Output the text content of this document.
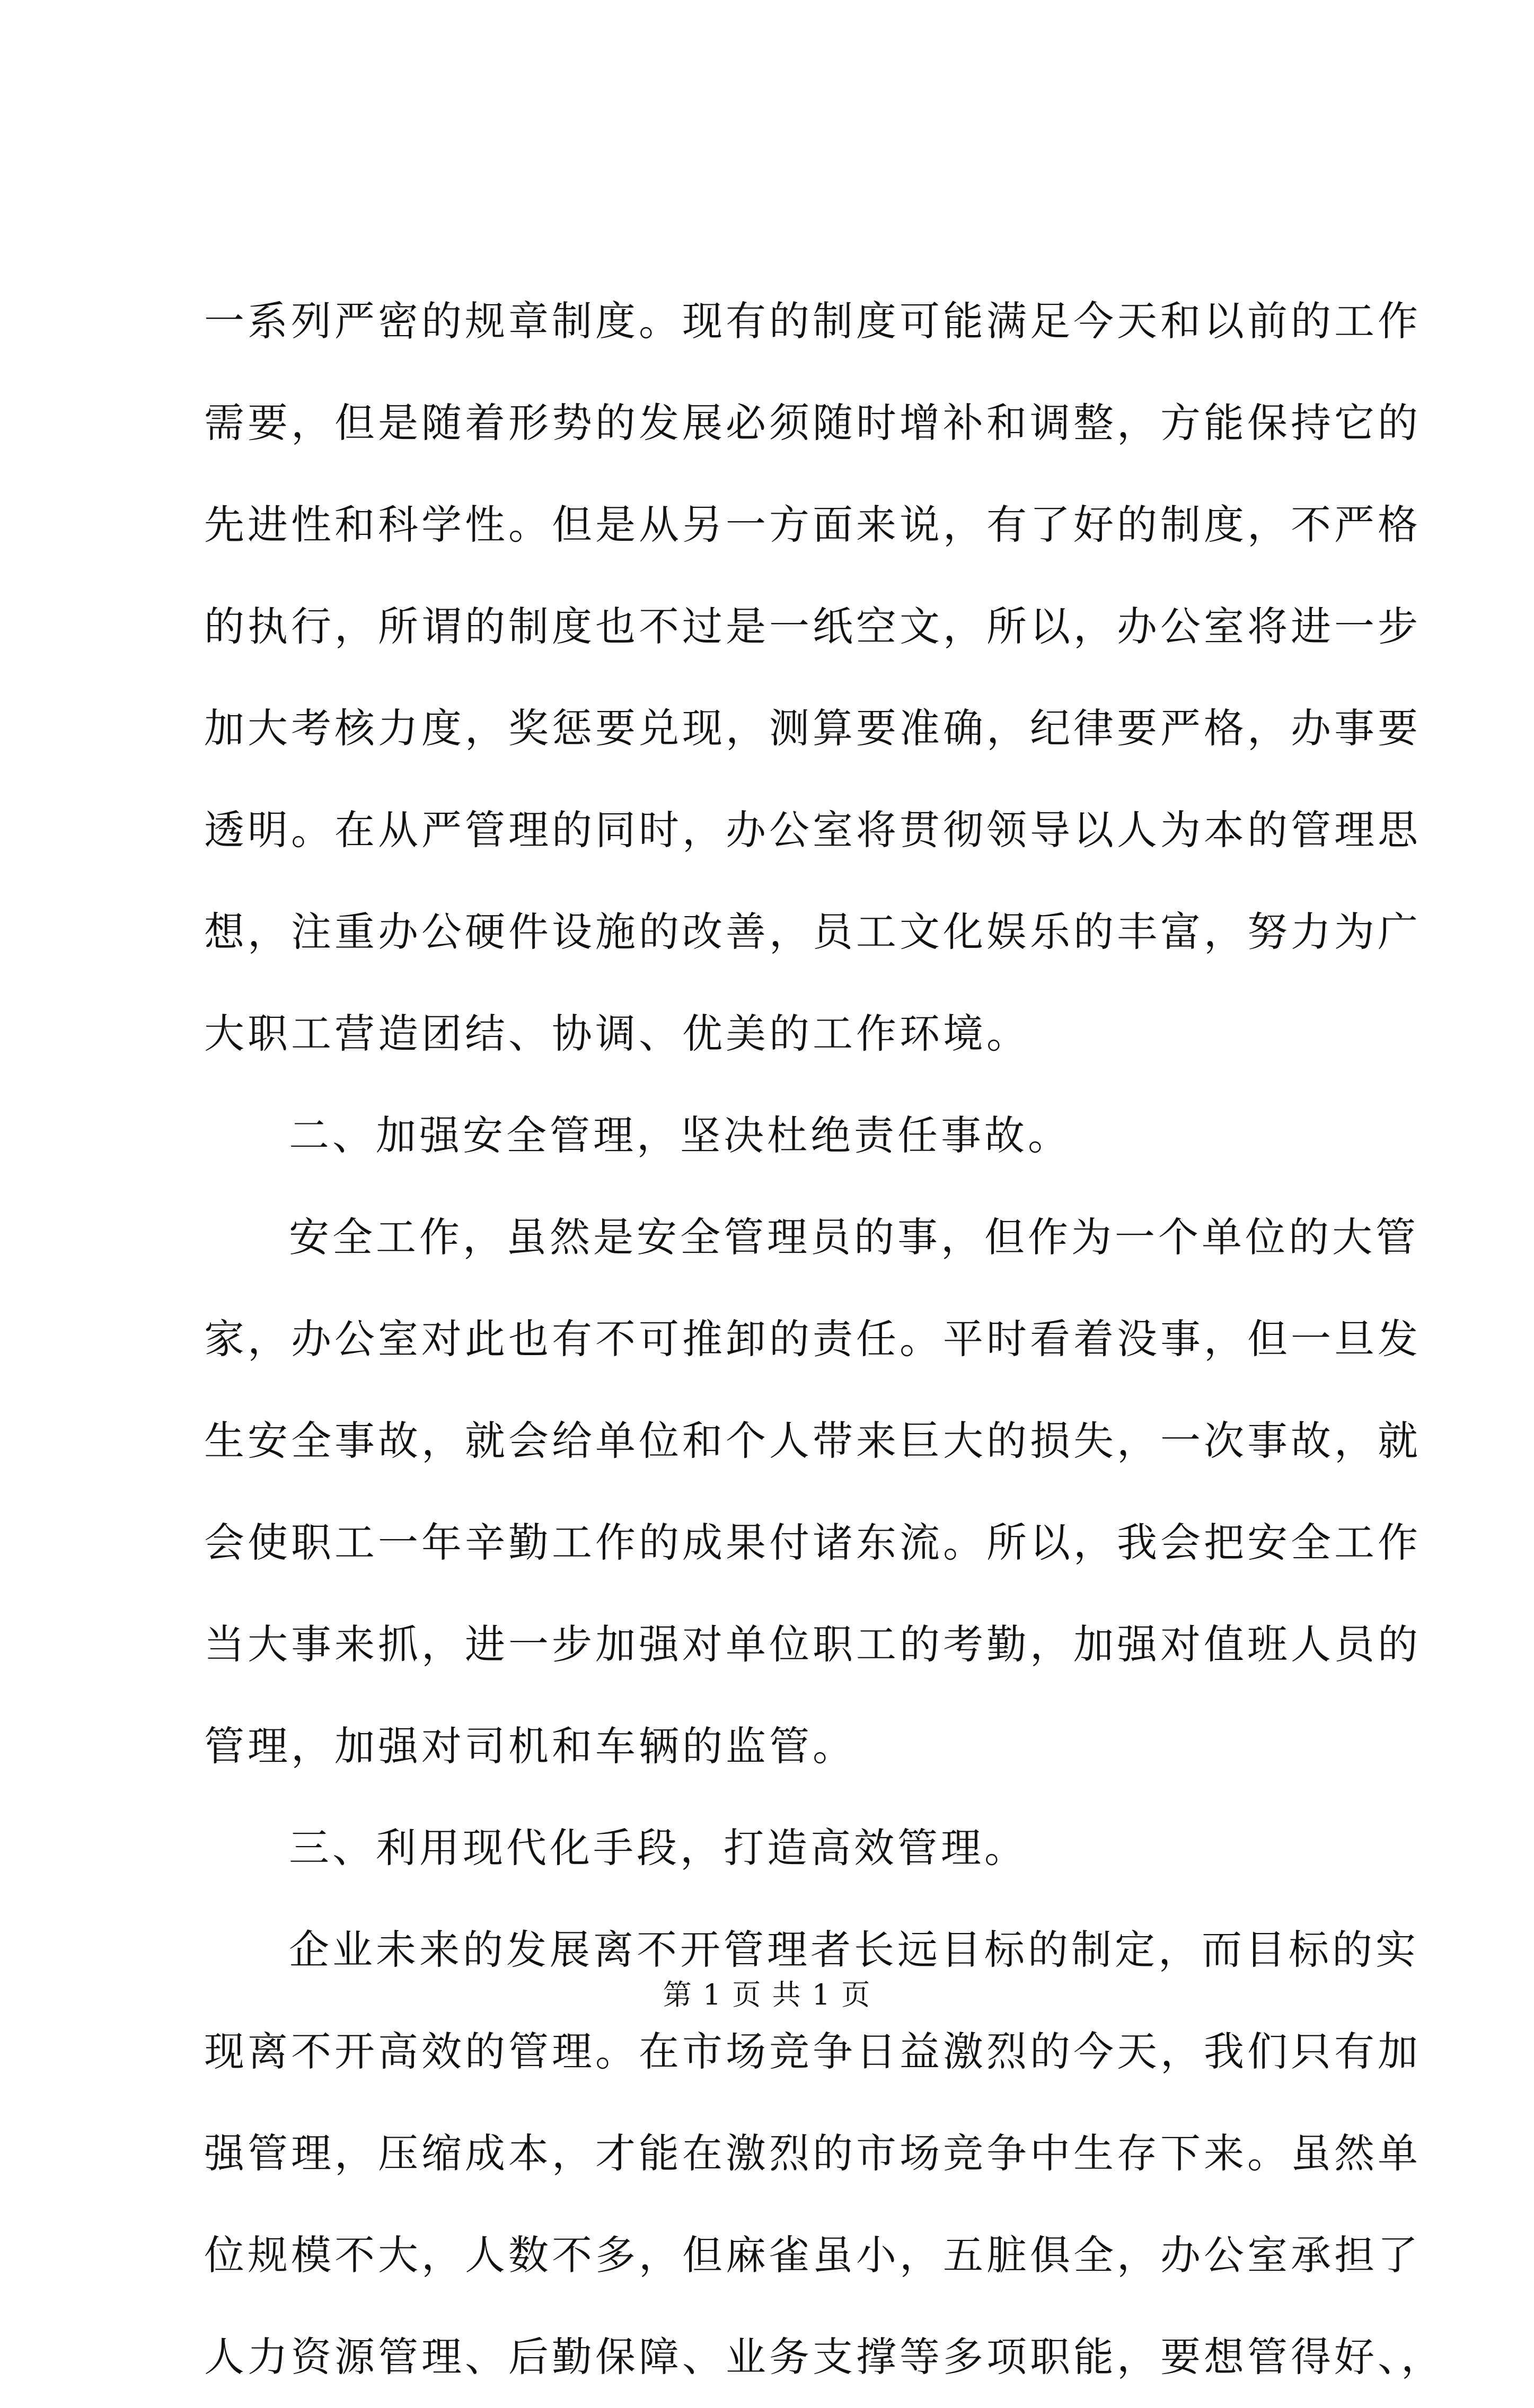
一系列严密的规章制度。现有的制度可能满足今天和以前的工作
需要，但是随着形势的发展必须随时增补和调整，方能保持它的
先进性和科学性。但是从另一方面来说，有了好的制度，不严格
的执行，所谓的制度也不过是一纸空文，所以，办公室将进一步
加大考核力度，奖惩要兑现，测算要准确，纪律要严格，办事要
透明。在从严管理的同时，办公室将贯彻领导以人为本的管理思
想，注重办公硬件设施的改善，员工文化娱乐的丰富，努力为广
大职工营造团结、协调、优美的工作环境。
二、加强安全管理，坚决杜绝责任事故。
安全工作，虽然是安全管理员的事，但作为一个单位的大管
家，办公室对此也有不可推卸的责任。平时看着没事，但一旦发
生安全事故，就会给单位和个人带来巨大的损失，一次事故，就
会使职工一年辛勤工作的成果付诸东流。所以，我会把安全工作
当大事来抓，进一步加强对单位职工的考勤，加强对值班人员的
管理，加强对司机和车辆的监管。
三、利用现代化手段，打造高效管理。
企业未来的发展离不开管理者长远目标的制定，而目标的实
现离不开高效的管理。在市场竞争日益激烈的今天，我们只有加
强管理，压缩成本，才能在激烈的市场竞争中生存下来。虽然单
位规模不大，人数不多，但麻雀虽小，五脏俱全，办公室承担了
人力资源管理、后勤保障、业务支撑等多项职能，要想管得好、，
第 1 页 共 1 页
